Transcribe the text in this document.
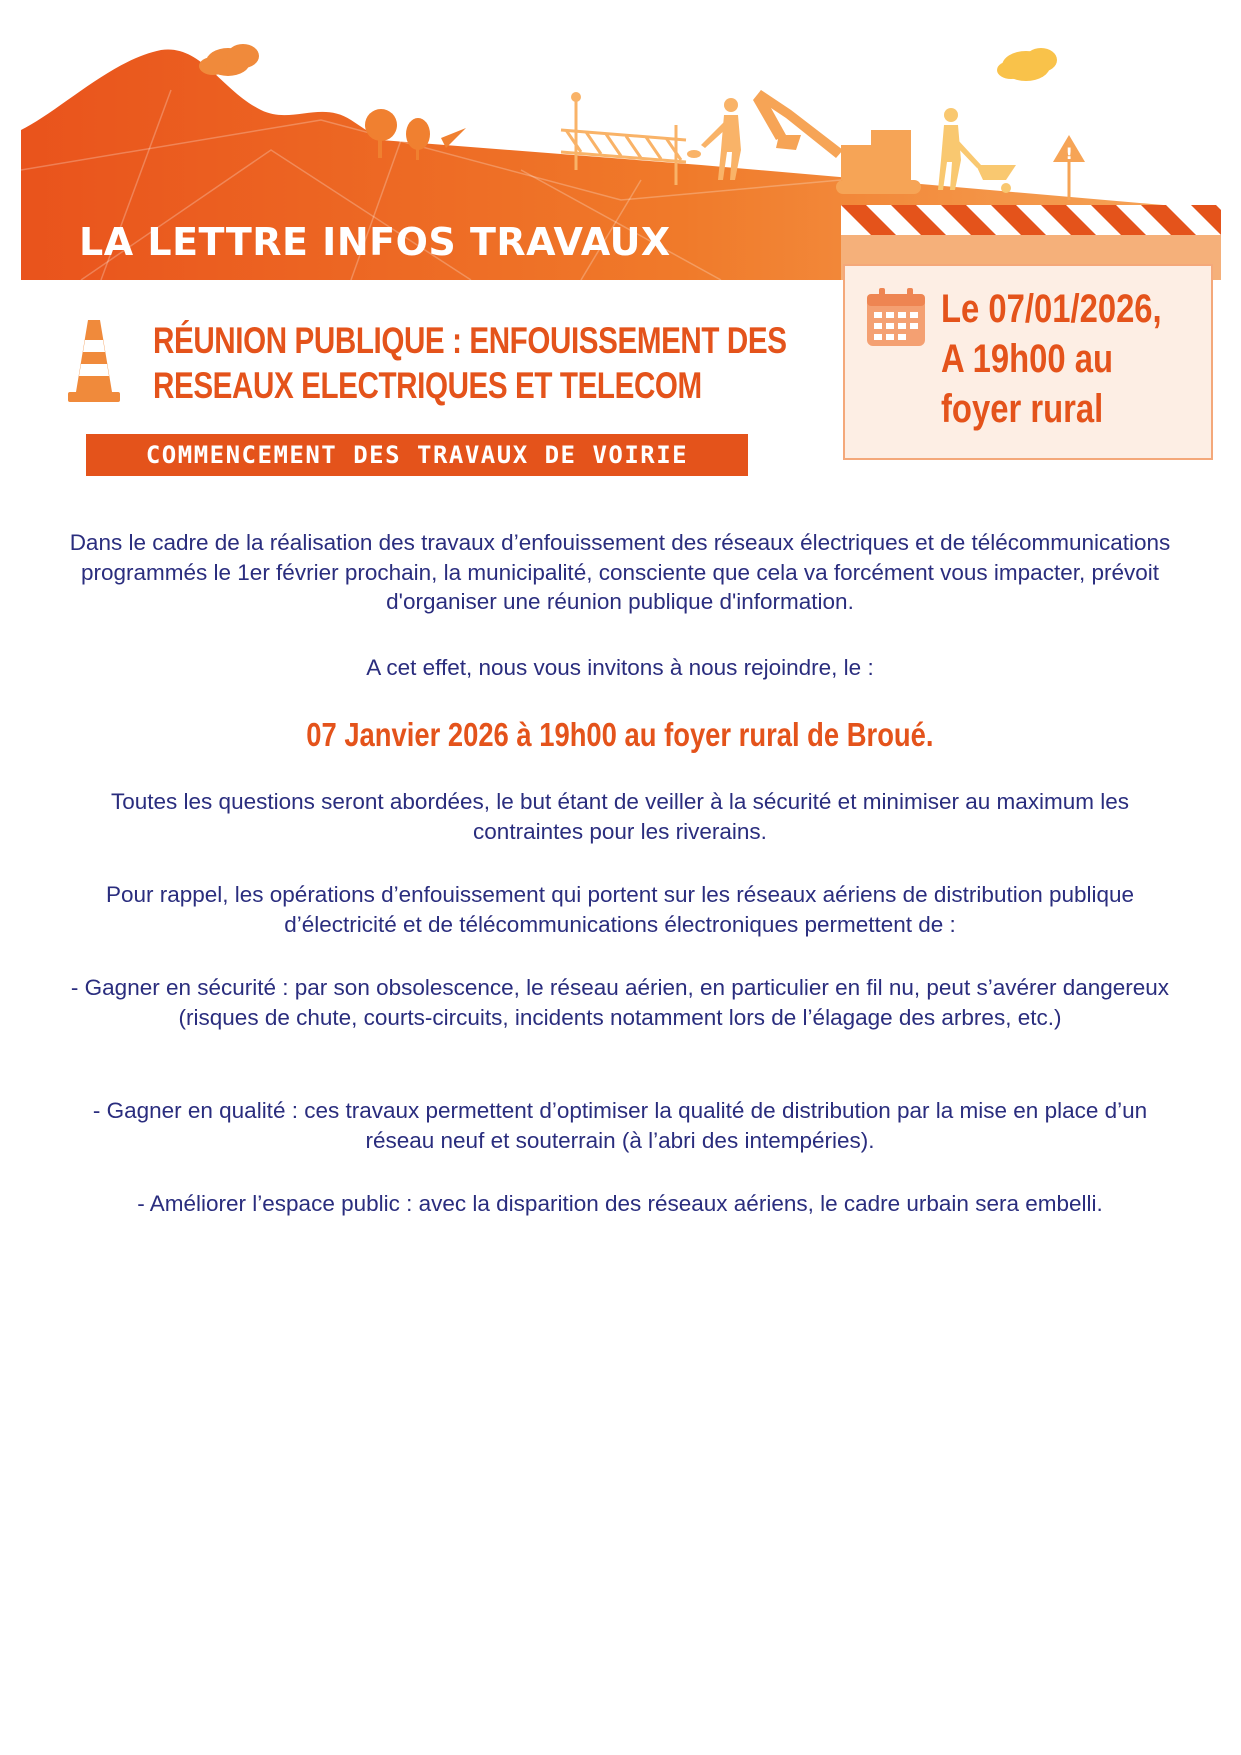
!
LA LETTRE INFOS TRAVAUX
Le 07/01/2026,
A 19h00 au
foyer rural
RÉUNION PUBLIQUE : ENFOUISSEMENT DES
RESEAUX ELECTRIQUES ET TELECOM
COMMENCEMENT DES TRAVAUX DE VOIRIE
Dans le cadre de la réalisation des travaux d’enfouissement des réseaux électriques et de télécommunications programmés le 1er février prochain, la municipalité, consciente que cela va forcément vous impacter, prévoit d'organiser une réunion publique d'information.
A cet effet, nous vous invitons à nous rejoindre, le :
07 Janvier 2026 à 19h00 au foyer rural de Broué.
Toutes les questions seront abordées, le but étant de veiller à la sécurité et minimiser au maximum les contraintes pour les riverains.
Pour rappel, les opérations d’enfouissement qui portent sur les réseaux aériens de distribution publique d’électricité et de télécommunications électroniques permettent de :
- Gagner en sécurité : par son obsolescence, le réseau aérien, en particulier en fil nu, peut s’avérer dangereux (risques de chute, courts-circuits, incidents notamment lors de l’élagage des arbres, etc.)
- Gagner en qualité : ces travaux permettent d’optimiser la qualité de distribution par la mise en place d’un réseau neuf et souterrain (à l’abri des intempéries).
- Améliorer l’espace public : avec la disparition des réseaux aériens, le cadre urbain sera embelli.
